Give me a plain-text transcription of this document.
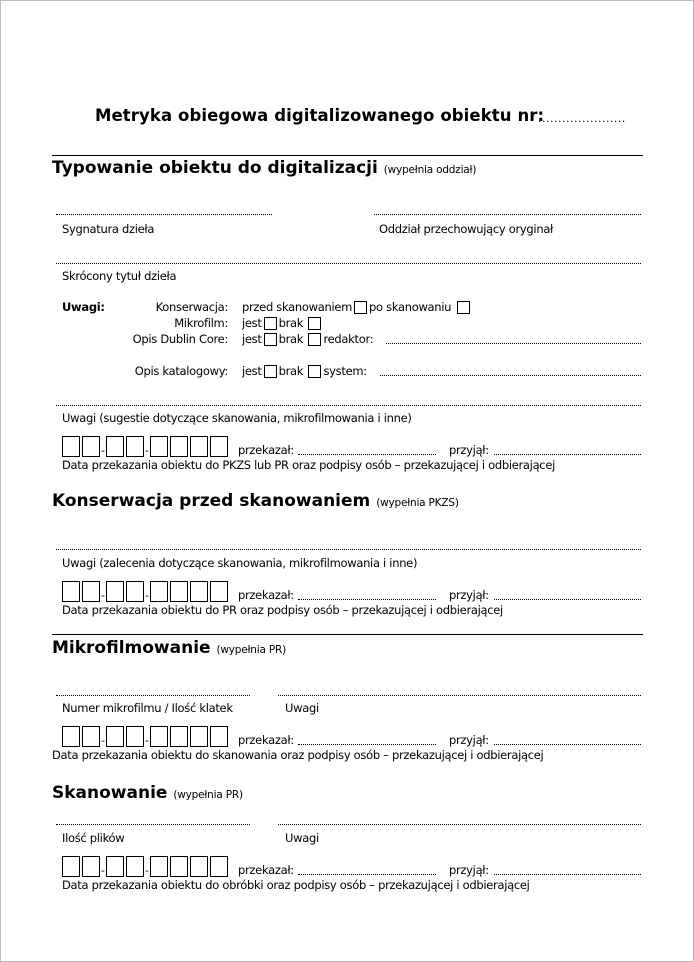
Metryka obiegowa digitalizowanego obiektu nr:
......................
Typowanie obiektu do digitalizacji (wypełnia oddział)
Sygnatura dzieła	Oddział przechowujący oryginał
Skrócony tytuł dzieła
Uwagi:	Konserwacja: przed skanowaniem po skanowaniu
Mikrofilm: jest brak
Opis Dublin Core: jest brak redaktor:
Opis katalogowy: jest brak system:
Uwagi (sugestie dotyczące skanowania, mikrofilmowania i inne)
-	-	przekazał:	przyjął:
Data przekazania obiektu do PKZS lub PR oraz podpisy osób – przekazującej i odbierającej
Konserwacja przed skanowaniem (wypełnia PKZS)
Uwagi (zalecenia dotyczące skanowania, mikrofilmowania i inne)
-	-	przekazał:	przyjął:
Data przekazania obiektu do PR oraz podpisy osób – przekazującej i odbierającej
Mikrofilmowanie (wypełnia PR)
Numer mikrofilmu / Ilość klatek	Uwagi
-	-	przekazał:	przyjął:
Data przekazania obiektu do skanowania oraz podpisy osób – przekazującej i odbierającej
Skanowanie (wypełnia PR)
Ilość plików	Uwagi
-	-	przekazał:	przyjął:
Data przekazania obiektu do obróbki oraz podpisy osób – przekazującej i odbierającej
